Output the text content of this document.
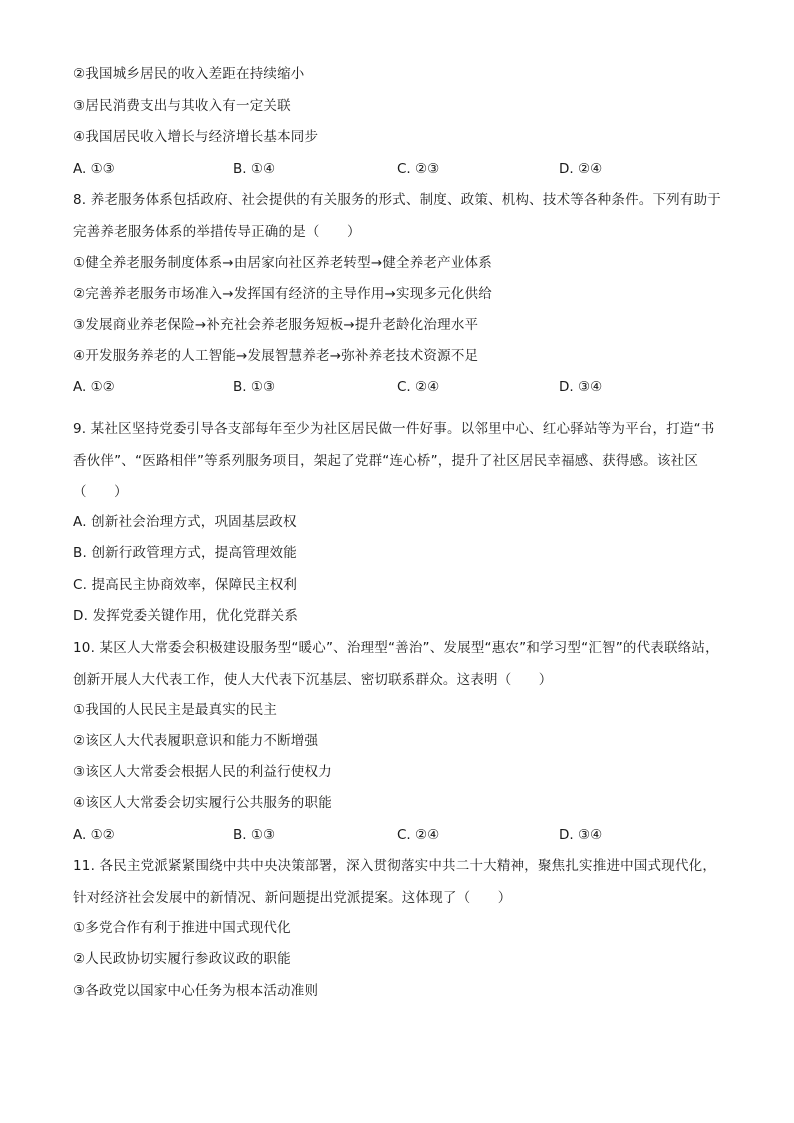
②我国城乡居民的收入差距在持续缩小
③居民消费支出与其收入有一定关联
④我国居民收入增长与经济增长基本同步
A. ①③	B. ①④	C. ②③	D. ②④
8. 养老服务体系包括政府、社会提供的有关服务的形式、制度、政策、机构、技术等各种条件。下列有助于完善养老服务体系的举措传导正确的是（　　）
①健全养老服务制度体系→由居家向社区养老转型→健全养老产业体系
②完善养老服务市场准入→发挥国有经济的主导作用→实现多元化供给
③发展商业养老保险→补充社会养老服务短板→提升老龄化治理水平
④开发服务养老的人工智能→发展智慧养老→弥补养老技术资源不足
A. ①②	B. ①③	C. ②④	D. ③④
9. 某社区坚持党委引导各支部每年至少为社区居民做一件好事。以邻里中心、红心驿站等为平台，打造“书香伙伴”、“医路相伴”等系列服务项目，架起了党群“连心桥”，提升了社区居民幸福感、获得感。该社区（　　）
A. 创新社会治理方式，巩固基层政权
B. 创新行政管理方式，提高管理效能
C. 提高民主协商效率，保障民主权利
D. 发挥党委关键作用，优化党群关系
10. 某区人大常委会积极建设服务型“暖心”、治理型“善治”、发展型“惠农”和学习型“汇智”的代表联络站，创新开展人大代表工作，使人大代表下沉基层、密切联系群众。这表明（　　）
①我国的人民民主是最真实的民主
②该区人大代表履职意识和能力不断增强
③该区人大常委会根据人民的利益行使权力
④该区人大常委会切实履行公共服务的职能
A. ①②	B. ①③	C. ②④	D. ③④
11. 各民主党派紧紧围绕中共中央决策部署，深入贯彻落实中共二十大精神，聚焦扎实推进中国式现代化，针对经济社会发展中的新情况、新问题提出党派提案。这体现了（　　）
①多党合作有利于推进中国式现代化
②人民政协切实履行参政议政的职能
③各政党以国家中心任务为根本活动准则
